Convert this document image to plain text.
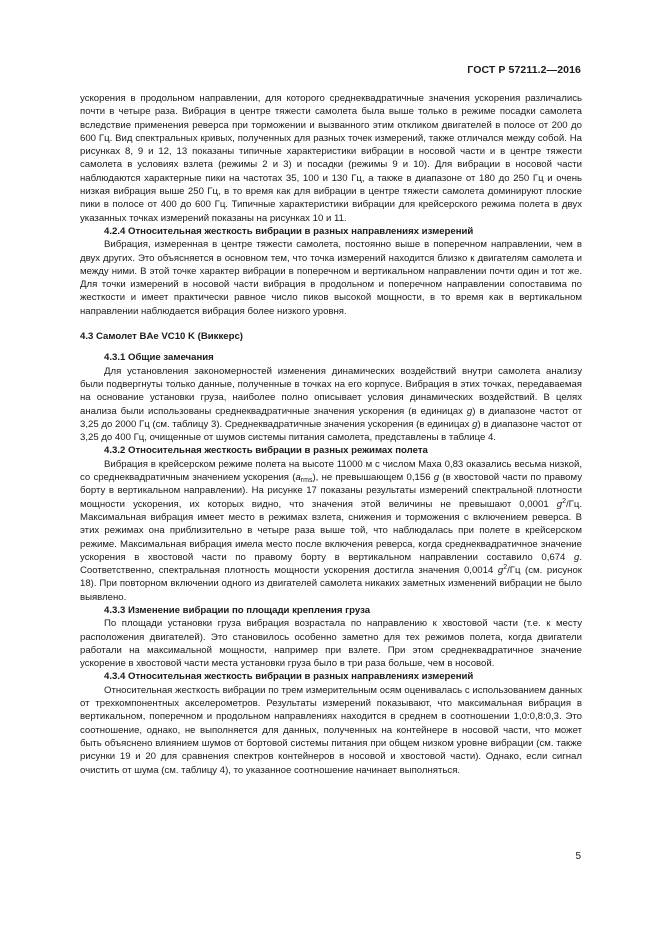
ГОСТ Р 57211.2—2016

ускорения в продольном направлении, для которого среднеквадратичные значения ускорения различались почти в четыре раза. Вибрация в центре тяжести самолета была выше только в режиме посадки самолета вследствие применения реверса при торможении и вызванного этим откликом двигателей в полосе от 200 до 600 Гц. Вид спектральных кривых, полученных для разных точек измерений, также отличался между собой. На рисунках 8, 9 и 12, 13 показаны типичные характеристики вибрации в носовой части и в центре тяжести самолета в условиях взлета (режимы 2 и 3) и посадки (режимы 9 и 10). Для вибрации в носовой части наблюдаются характерные пики на частотах 35, 100 и 130 Гц, а также в диапазоне от 180 до 250 Гц и очень низкая вибрация выше 250 Гц, в то время как для вибрации в центре тяжести самолета доминируют плоские пики в полосе от 400 до 600 Гц. Типичные характеристики вибрации для крейсерского режима полета в двух указанных точках измерений показаны на рисунках 10 и 11.

4.2.4 Относительная жесткость вибрации в разных направлениях измерений

Вибрация, измеренная в центре тяжести самолета, постоянно выше в поперечном направлении, чем в двух других. Это объясняется в основном тем, что точка измерений находится близко к двигателям самолета и между ними. В этой точке характер вибрации в поперечном и вертикальном направлении почти один и тот же. Для точки измерений в носовой части вибрация в продольном и поперечном направлении сопоставима по жесткости и имеет практически равное число пиков высокой мощности, в то время как в вертикальном направлении наблюдается вибрация более низкого уровня.

4.3 Самолет BAe VC10 K (Виккерс)

4.3.1 Общие замечания

Для установления закономерностей изменения динамических воздействий внутри самолета анализу были подвергнуты только данные, полученные в точках на его корпусе. Вибрация в этих точках, передаваемая на основание установки груза, наиболее полно описывает условия динамических воздействий. В целях анализа были использованы среднеквадратичные значения ускорения (в единицах g) в диапазоне частот от 3,25 до 2000 Гц (см. таблицу 3). Среднеквадратичные значения ускорения (в единицах g) в диапазоне частот от 3,25 до 400 Гц, очищенные от шумов системы питания самолета, представлены в таблице 4.

4.3.2 Относительная жесткость вибрации в разных режимах полета

Вибрация в крейсерском режиме полета на высоте 11000 м с числом Маха 0,83 оказались весьма низкой, со среднеквадратичным значением ускорения $(a_{rms})$, не превышающем 0,156 g (в хвостовой части по правому борту в вертикальном направлении). На рисунке 17 показаны результаты измерений спектральной плотности мощности ускорения, их которых видно, что значения этой величины не превышают 0,0001 $g^2/Гц$. Максимальная вибрация имеет место в режимах взлета, снижения и торможения с включением реверса. В этих режимах она приблизительно в четыре раза выше той, что наблюдалась при полете в крейсерском режиме. Максимальная вибрация имела место после включения реверса, когда среднеквадратичное значение ускорения в хвостовой части по правому борту в вертикальном направлении составило 0,674 g. Соответственно, спектральная плотность мощности ускорения достигла значения 0,0014 $g^2/Гц$ (см. рисунок 18). При повторном включении одного из двигателей самолета никаких заметных изменений вибрации не было выявлено.

4.3.3 Изменение вибрации по площади крепления груза

По площади установки груза вибрация возрастала по направлению к хвостовой части (т.е. к месту расположения двигателей). Это становилось особенно заметно для тех режимов полета, когда двигатели работали на максимальной мощности, например при взлете. При этом среднеквадратичное значение ускорение в хвостовой части места установки груза было в три раза больше, чем в носовой.

4.3.4 Относительная жесткость вибрации в разных направлениях измерений

Относительная жесткость вибрации по трем измерительным осям оценивалась с использованием данных от трехкомпонентных акселерометров. Результаты измерений показывают, что максимальная вибрация в вертикальном, поперечном и продольном направлениях находится в среднем в соотношении 1,0:0,8:0,3. Это соотношение, однако, не выполняется для данных, полученных на контейнере в носовой части, что может быть объяснено влиянием шумов от бортовой системы питания при общем низком уровне вибрации (см. также рисунки 19 и 20 для сравнения спектров контейнеров в носовой и хвостовой части). Однако, если сигнал очистить от шума (см. таблицу 4), то указанное соотношение начинает выполняться.

5
